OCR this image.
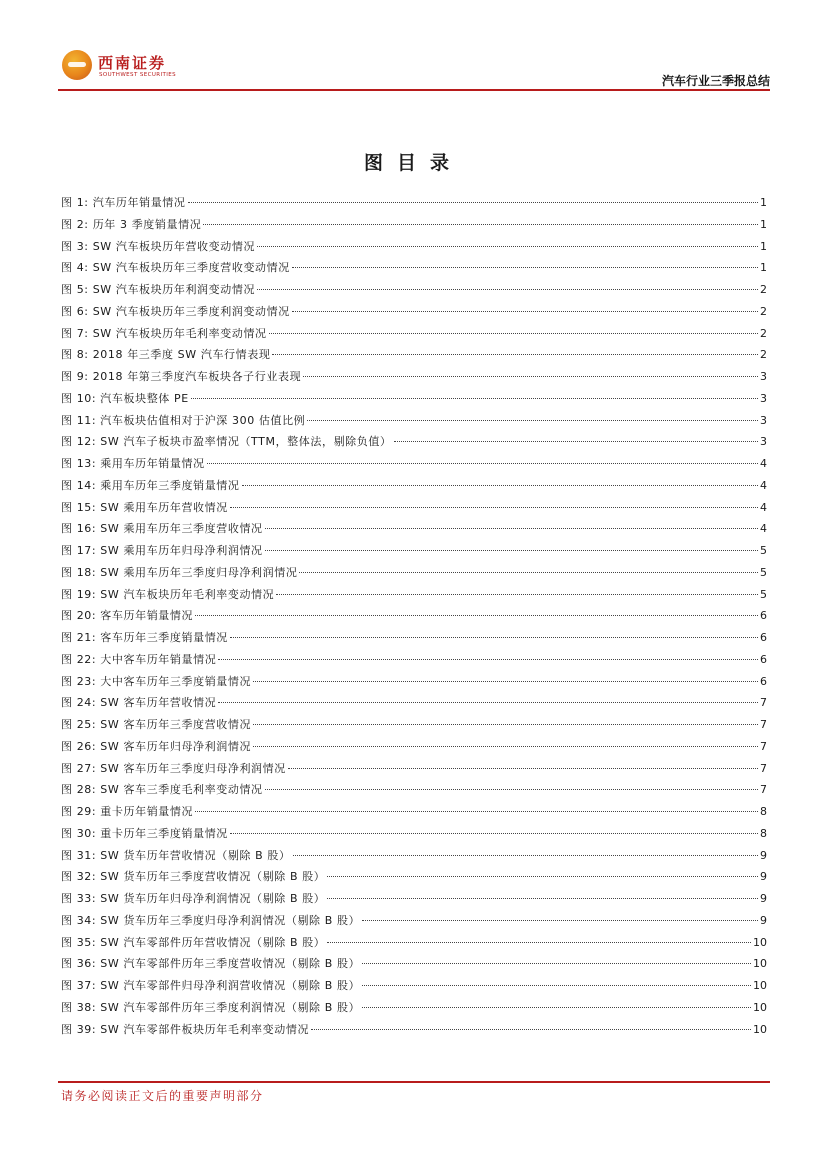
西南证券
SOUTHWEST SECURITIES	汽车行业三季报总结
图目录
图 1: 汽车历年销量情况	1
图 2: 历年 3 季度销量情况	1
图 3: SW 汽车板块历年营收变动情况	1
图 4: SW 汽车板块历年三季度营收变动情况	1
图 5: SW 汽车板块历年利润变动情况	2
图 6: SW 汽车板块历年三季度利润变动情况	2
图 7: SW 汽车板块历年毛利率变动情况	2
图 8: 2018 年三季度 SW 汽车行情表现	2
图 9: 2018 年第三季度汽车板块各子行业表现	3
图 10: 汽车板块整体 PE	3
图 11: 汽车板块估值相对于沪深 300 估值比例	3
图 12: SW 汽车子板块市盈率情况（TTM，整体法，剔除负值）	3
图 13: 乘用车历年销量情况	4
图 14: 乘用车历年三季度销量情况	4
图 15: SW 乘用车历年营收情况	4
图 16: SW 乘用车历年三季度营收情况	4
图 17: SW 乘用车历年归母净利润情况	5
图 18: SW 乘用车历年三季度归母净利润情况	5
图 19: SW 汽车板块历年毛利率变动情况	5
图 20: 客车历年销量情况	6
图 21: 客车历年三季度销量情况	6
图 22: 大中客车历年销量情况	6
图 23: 大中客车历年三季度销量情况	6
图 24: SW 客车历年营收情况	7
图 25: SW 客车历年三季度营收情况	7
图 26: SW 客车历年归母净利润情况	7
图 27: SW 客车历年三季度归母净利润情况	7
图 28: SW 客车三季度毛利率变动情况	7
图 29: 重卡历年销量情况	8
图 30: 重卡历年三季度销量情况	8
图 31: SW 货车历年营收情况（剔除 B 股）	9
图 32: SW 货车历年三季度营收情况（剔除 B 股）	9
图 33: SW 货车历年归母净利润情况（剔除 B 股）	9
图 34: SW 货车历年三季度归母净利润情况（剔除 B 股）	9
图 35: SW 汽车零部件历年营收情况（剔除 B 股）	10
图 36: SW 汽车零部件历年三季度营收情况（剔除 B 股）	10
图 37: SW 汽车零部件归母净利润营收情况（剔除 B 股）	10
图 38: SW 汽车零部件历年三季度利润情况（剔除 B 股）	10
图 39: SW 汽车零部件板块历年毛利率变动情况	10
请务必阅读正文后的重要声明部分
